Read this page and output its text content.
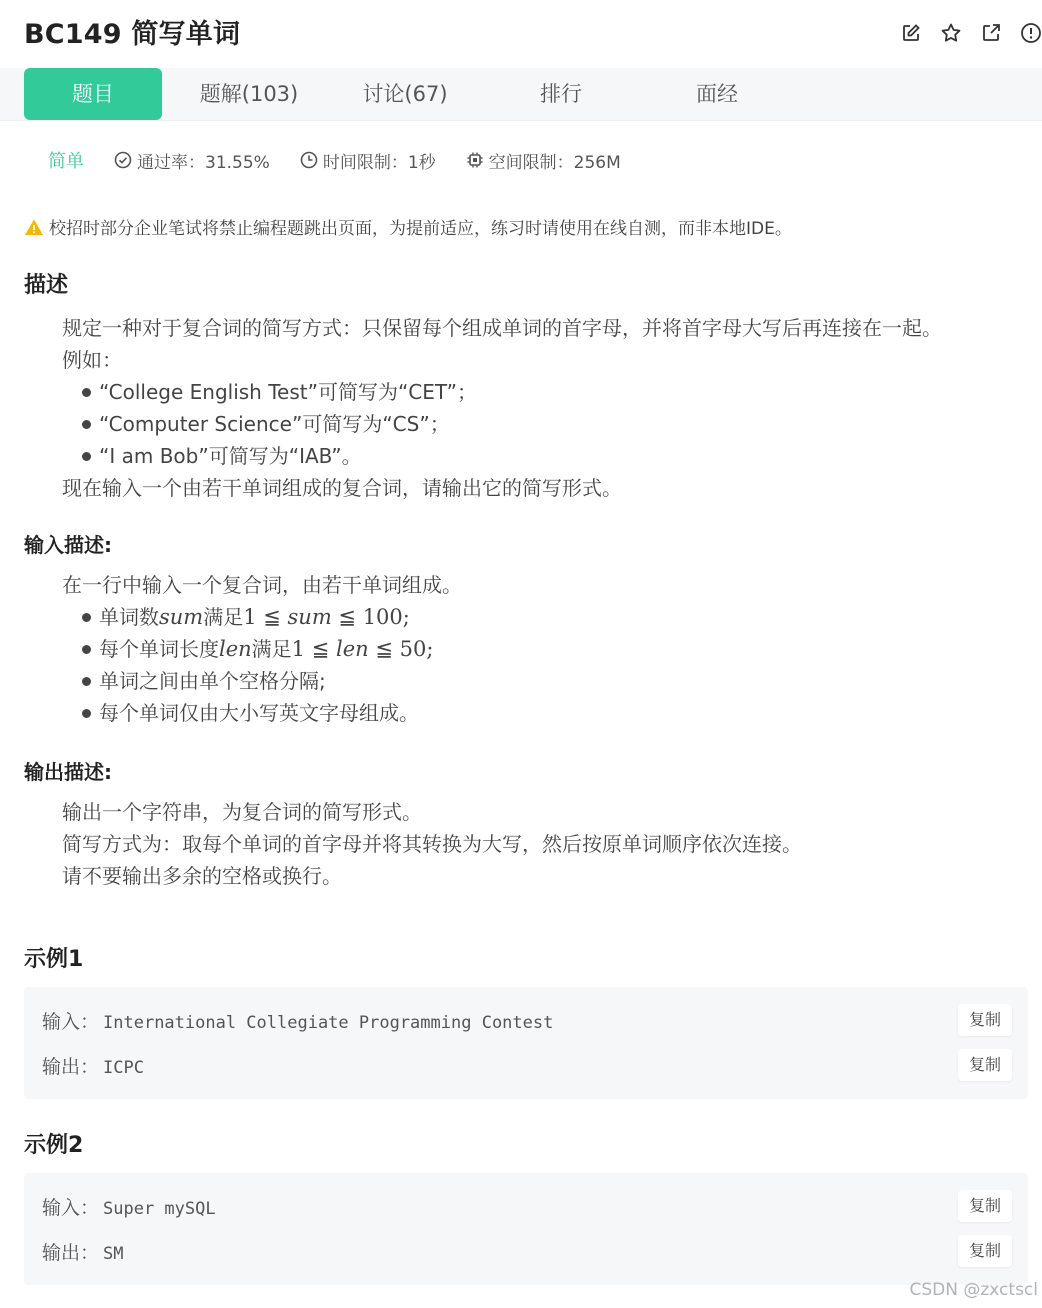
BC149 简写单词
题目	题解(103)	讨论(67)	排行	面经
简单	通过率：31.55%	时间限制：1秒	空间限制：256M
校招时部分企业笔试将禁止编程题跳出页面，为提前适应，练习时请使用在线自测，而非本地IDE。
描述
规定一种对于复合词的简写方式：只保留每个组成单词的首字母，并将首字母大写后再连接在一起。
例如：
“College English Test”可简写为“CET”；
“Computer Science”可简写为“CS”；
“I am Bob”可简写为“IAB”。
现在输入一个由若干单词组成的复合词，请输出它的简写形式。
输入描述:
在一行中输入一个复合词，由若干单词组成。
单词数 sum 满足 1 ≦ sum ≦ 100;
每个单词长度 len 满足 1 ≦ len ≦ 50;
单词之间由单个空格分隔;
每个单词仅由大小写英文字母组成。
输出描述:
输出一个字符串，为复合词的简写形式。
简写方式为：取每个单词的首字母并将其转换为大写，然后按原单词顺序依次连接。
请不要输出多余的空格或换行。
示例1
输入： International Collegiate Programming Contest	复制
输出： ICPC	复制
示例2
输入： Super mySQL	复制
输出： SM	复制
CSDN @zxctscl
